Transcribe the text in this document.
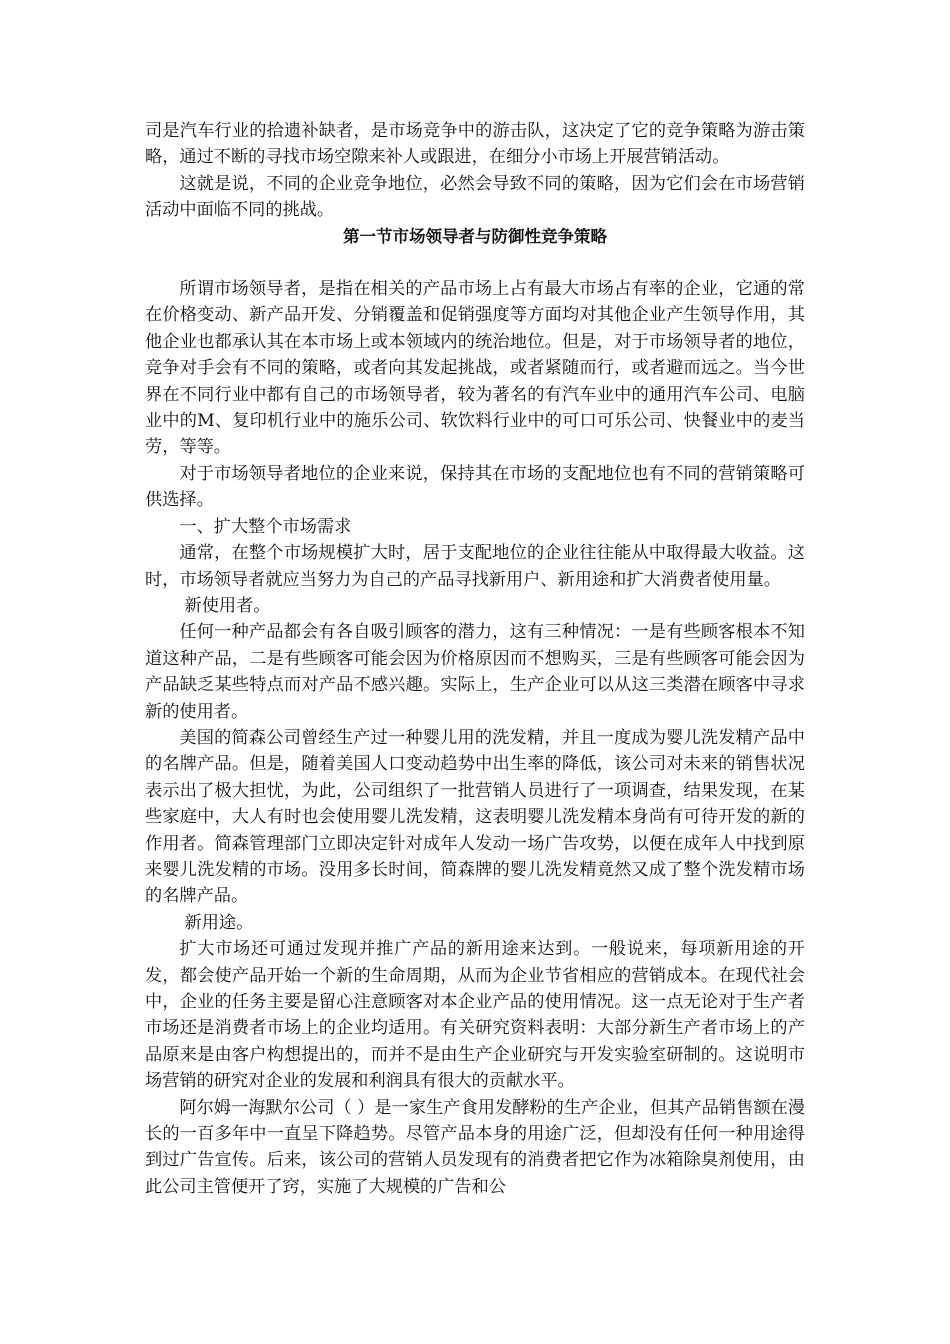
司是汽车行业的拾遗补缺者，是市场竞争中的游击队，这决定了它的竞争策略为游击策略，通过不断的寻找市场空隙来补人或跟进，在细分小市场上开展营销活动。

这就是说，不同的企业竞争地位，必然会导致不同的策略，因为它们会在市场营销活动中面临不同的挑战。

第一节市场领导者与防御性竞争策略

所谓市场领导者，是指在相关的产品市场上占有最大市场占有率的企业，它通的常在价格变动、新产品开发、分销覆盖和促销强度等方面均对其他企业产生领导作用，其他企业也都承认其在本市场上或本领域内的统治地位。但是，对于市场领导者的地位，竞争对手会有不同的策略，或者向其发起挑战，或者紧随而行，或者避而远之。当今世界在不同行业中都有自己的市场领导者，较为著名的有汽车业中的通用汽车公司、电脑业中的M、复印机行业中的施乐公司、软饮料行业中的可口可乐公司、快餐业中的麦当劳，等等。

对于市场领导者地位的企业来说，保持其在市场的支配地位也有不同的营销策略可供选择。

一、扩大整个市场需求

通常，在整个市场规模扩大时，居于支配地位的企业往往能从中取得最大收益。这时，市场领导者就应当努力为自己的产品寻找新用户、新用途和扩大消费者使用量。

新使用者。

任何一种产品都会有各自吸引顾客的潜力，这有三种情况：一是有些顾客根本不知道这种产品，二是有些顾客可能会因为价格原因而不想购买，三是有些顾客可能会因为产品缺乏某些特点而对产品不感兴趣。实际上，生产企业可以从这三类潜在顾客中寻求新的使用者。

美国的简森公司曾经生产过一种婴儿用的洗发精，并且一度成为婴儿洗发精产品中的名牌产品。但是，随着美国人口变动趋势中出生率的降低，该公司对未来的销售状况表示出了极大担忧，为此，公司组织了一批营销人员进行了一项调查，结果发现，在某些家庭中，大人有时也会使用婴儿洗发精，这表明婴儿洗发精本身尚有可待开发的新的作用者。简森管理部门立即决定针对成年人发动一场广告攻势，以便在成年人中找到原来婴儿洗发精的市场。没用多长时间，简森牌的婴儿洗发精竟然又成了整个洗发精市场的名牌产品。

新用途。

扩大市场还可通过发现并推广产品的新用途来达到。一般说来，每项新用途的开发，都会使产品开始一个新的生命周期，从而为企业节省相应的营销成本。在现代社会中，企业的任务主要是留心注意顾客对本企业产品的使用情况。这一点无论对于生产者市场还是消费者市场上的企业均适用。有关研究资料表明：大部分新生产者市场上的产品原来是由客户构想提出的，而并不是由生产企业研究与开发实验室研制的。这说明市场营销的研究对企业的发展和利润具有很大的贡献水平。

阿尔姆一海默尔公司（ ）是一家生产食用发酵粉的生产企业，但其产品销售额在漫长的一百多年中一直呈下降趋势。尽管产品本身的用途广泛，但却没有任何一种用途得到过广告宣传。后来，该公司的营销人员发现有的消费者把它作为冰箱除臭剂使用，由此公司主管便开了窍，实施了大规模的广告和公
